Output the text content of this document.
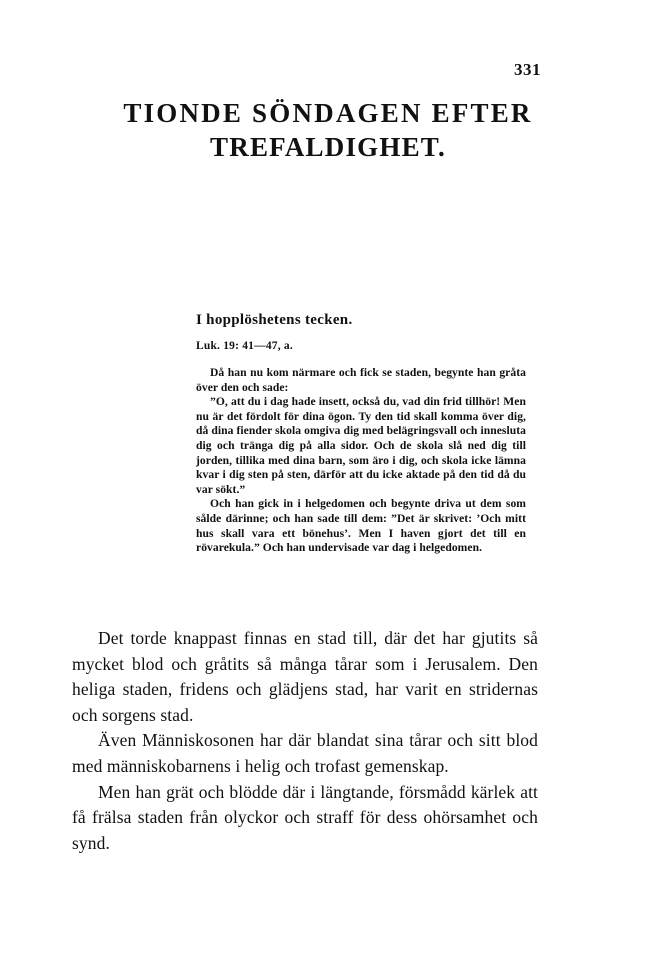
331
TIONDE SÖNDAGEN EFTER
TREFALDIGHET.
I hopplöshetens tecken.
Luk. 19: 41—47, a.

Då han nu kom närmare och fick se staden, begynte han gråta över den och sade:

”O, att du i dag hade insett, också du, vad din frid tillhör! Men nu är det fördolt för dina ögon. Ty den tid skall komma över dig, då dina fiender skola omgiva dig med belägringsvall och innesluta dig och tränga dig på alla sidor. Och de skola slå ned dig till jorden, tillika med dina barn, som äro i dig, och skola icke lämna kvar i dig sten på sten, därför att du icke aktade på den tid då du var sökt.”

Och han gick in i helgedomen och begynte driva ut dem som sålde därinne; och han sade till dem: ”Det är skrivet: ’Och mitt hus skall vara ett bönehus’. Men I haven gjort det till en rövarekula.” Och han undervisade var dag i helgedomen.

Det torde knappast finnas en stad till, där det har gjutits så mycket blod och gråtits så många tårar som i Jerusalem. Den heliga staden, fridens och glädjens stad, har varit en stridernas och sorgens stad.

Även Människosonen har där blandat sina tårar och sitt blod med människobarnens i helig och trofast gemenskap.

Men han grät och blödde där i längtande, försmådd kärlek att få frälsa staden från olyckor och straff för dess ohörsamhet och synd.
